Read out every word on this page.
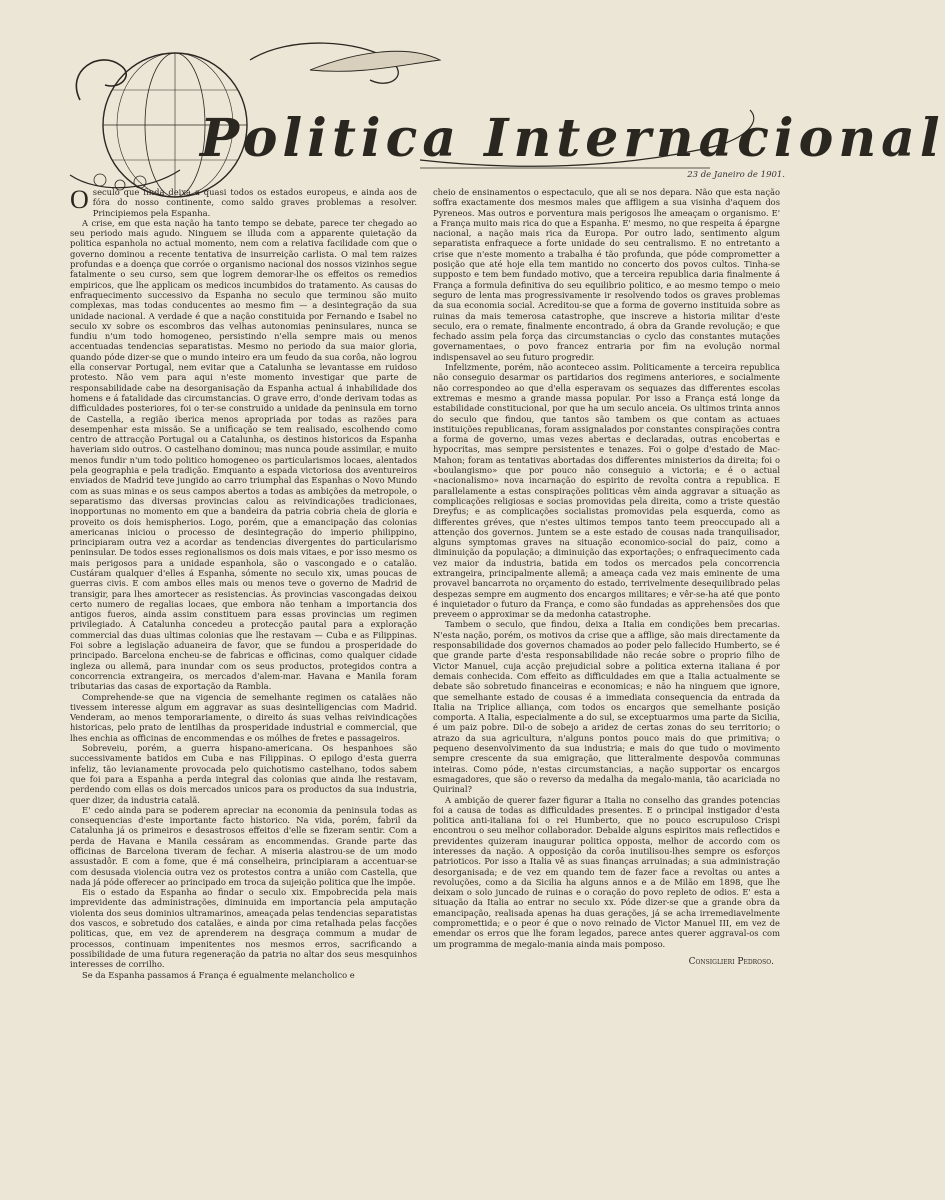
Politica Internacional
23 de Janeiro de 1901.

O seculo que finda deixa a quasi todos os estados europeus, e ainda aos de fóra do nosso continente, como saldo graves problemas a resolver. Principiemos pela Espanha.

A crise, em que esta nação ha tanto tempo se debate, parece ter chegado ao seu periodo mais agudo. Ninguem se illuda com a apparente quietação da politica espanhola no actual momento, nem com a relativa facilidade com que o governo dominou a recente tentativa de insurreição carlista. O mal tem raizes profundas e a doença que corróe o organismo nacional dos nossos vizinhos segue fatalmente o seu curso, sem que logrem demorar-lhe os effeitos os remedios empiricos, que lhe applicam os medicos incumbidos do tratamento. As causas do enfraquecimento successivo da Espanha no seculo que terminou são muito complexas, mas todas conducentes ao mesmo fim — a desintegração da sua unidade nacional. A verdade é que a nação constituida por Fernando e Isabel no seculo xv sobre os escombros das velhas autonomias peninsulares, nunca se fundiu n'um todo homogeneo, persistindo n'ella sempre mais ou menos accentuadas tendencias separatistas. Mesmo no periodo da sua maior gloria, quando póde dizer-se que o mundo inteiro era um feudo da sua corôa, não logrou ella conservar Portugal, nem evitar que a Catalunha se levantasse em ruidoso protesto. Não vem para aqui n'este momento investigar que parte de responsabilidade cabe na desorganisação da Espanha actual á inhabilidade dos homens e á fatalidade das circumstancias. O grave erro, d'onde derivam todas as difficuldades posteriores, foi o ter-se construido a unidade da peninsula em torno de Castella, a região iberica menos apropriada por todas as razões para desempenhar esta missão. Se a unificação se tem realisado, escolhendo como centro de attracção Portugal ou a Catalunha, os destinos historicos da Espanha haveriam sido outros. O castelhano dominou; mas nunca poude assimilar, e muito menos fundir n'um todo politico homogeneo os particularismos locaes, alentados pela geographia e pela tradição. Emquanto a espada victoriosa dos aventureiros enviados de Madrid teve jungido ao carro triumphal das Espanhas o Novo Mundo com as suas minas e os seus campos abertos a todas as ambições da metropole, o separatismo das diversas provincias calou as reivindicações tradicionaes, inopportunas no momento em que a bandeira da patria cobria cheia de gloria e proveito os dois hemispherios. Logo, porém, que a emancipação das colonias americanas iniciou o processo de desintegração do imperio philippino, principiaram outra vez a acordar as tendencias divergentes do particularismo peninsular. De todos esses regionalismos os dois mais vitaes, e por isso mesmo os mais perigosos para a unidade espanhola, são o vascongado e o catalão. Custáram qualquer d'elles á Espanha, sómente no seculo xix, umas poucas de guerras civis. E com ambos elles mais ou menos teve o governo de Madrid de transigir, para lhes amortecer as resistencias. Ás provincias vascongadas deixou certo numero de regalias locaes, que embora não tenham a importancia dos antigos fueros, ainda assim constituem para essas provincias um regimen privilegiado. Á Catalunha concedeu a protecção pautal para a exploração commercial das duas ultimas colonias que lhe restavam — Cuba e as Filippinas. Foi sobre a legislação aduaneira de favor, que se fundou a prosperidade do principado. Barcelona encheu-se de fabricas e officinas, como qualquer cidade ingleza ou allemã, para inundar com os seus productos, protegidos contra a concorrencia extrangeira, os mercados d'alem-mar. Havana e Manila foram tributarias das casas de exportação da Rambla.

Comprehende-se que na vigencia de semelhante regimen os catalães não tivessem interesse algum em aggravar as suas desintelligencias com Madrid. Venderam, ao menos temporariamente, o direito ás suas velhas reivindicações historicas, pelo prato de lentilhas da prosperidade industrial e commercial, que lhes enchia as officinas de encommendas e os mólhes de fretes e passageiros.

Sobreveiu, porém, a guerra hispano-americana. Os hespanhoes são successivamente batidos em Cuba e nas Filippinas. O epilogo d'esta guerra infeliz, tão levianamente provocada pelo quichotismo castelhano, todos sabem que foi para a Espanha a perda integral das colonias que ainda lhe restavam, perdendo com ellas os dois mercados unicos para os productos da sua industria, quer dizer, da industria catalã.

E' cedo ainda para se poderem apreciar na economia da peninsula todas as consequencias d'este importante facto historico. Na vida, porém, fabril da Catalunha já os primeiros e desastrosos effeitos d'elle se fizeram sentir. Com a perda de Havana e Manila cessáram as encommendas. Grande parte das officinas de Barcelona tiveram de fechar. A miseria alastrou-se de um modo assustadôr. E com a fome, que é má conselheira, principiaram a accentuar-se com desusada violencia outra vez os protestos contra a união com Castella, que nada já póde offerecer ao principado em troca da sujeição politica que lhe impõe.

Eis o estado da Espanha ao findar o seculo xix. Empobrecida pela mais imprevidente das administrações, diminuida em importancia pela amputação violenta dos seus dominios ultramarinos, ameaçada pelas tendencias separatistas dos vascos, e sobretudo dos catalães, e ainda por cima retalhada pelas facções politicas, que, em vez de aprenderem na desgraça commum a mudar de processos, continuam impenitentes nos mesmos erros, sacrificando a possibilidade de uma futura regeneração da patria no altar dos seus mesquinhos interesses de corrilho.

Se da Espanha passamos á França é egualmente melancholico e

cheio de ensinamentos o espectaculo, que ali se nos depara. Não que esta nação soffra exactamente dos mesmos males que affligem a sua visinha d'aquem dos Pyreneos. Mas outros e porventura mais perigosos lhe ameaçam o organismo. E' a França muito mais rica do que a Espanha. E' mesmo, no que respeita á épargne nacional, a nação mais rica da Europa. Por outro lado, sentimento algum separatista enfraquece a forte unidade do seu centralismo. E no entretanto a crise que n'este momento a trabalha é tão profunda, que póde comprometter a posição que até hoje ella tem mantido no concerto dos povos cultos. Tinha-se supposto e tem bem fundado motivo, que a terceira republica daria finalmente á França a formula definitiva do seu equilibrio politico, e ao mesmo tempo o meio seguro de lenta mas progressivamente ir resolvendo todos os graves problemas da sua economia social. Acreditou-se que a forma de governo instituida sobre as ruinas da mais temerosa catastrophe, que inscreve a historia militar d'este seculo, era o remate, finalmente encontrado, á obra da Grande revolução; e que fechado assim pela força das circumstancias o cyclo das constantes mutações governamentaes, o povo francez entraria por fim na evolução normal indispensavel ao seu futuro progredir.

Infelizmente, porém, não aconteceo assim. Politicamente a terceira republica não conseguio desarmar os partidarios dos regimens anteriores, e socialmente não correspondeo ao que d'ella esperavam os sequazes das differentes escolas extremas e mesmo a grande massa popular. Por isso a França está longe da estabilidade constitucional, por que ha um seculo anceia. Os ultimos trinta annos do seculo que findou, que tantos são tambem os que contam as actuaes instituições republicanas, foram assignalados por constantes conspirações contra a forma de governo, umas vezes abertas e declaradas, outras encobertas e hypocritas, mas sempre persistentes e tenazes. Foi o golpe d'estado de Mac-Mahon; foram as tentativas abortadas dos differentes ministerios da direita; foi o «boulangismo» que por pouco não conseguio a victoria; e é o actual «nacionalismo» nova incarnação do espirito de revolta contra a republica. E parallelamente a estas conspirações politicas vêm ainda aggravar a situação as complicações religiosas e socias promovidas pela direita, como a triste questão Dreyfus; e as complicações socialistas promovidas pela esquerda, como as differentes gréves, que n'estes ultimos tempos tanto teem preoccupado ali a attenção dos governos. Juntem se a este estado de cousas nada tranquilisador, alguns symptomas graves na situação economico-social do paiz, como a diminuição da população; a diminuição das exportações; o enfraquecimento cada vez maior da industria, batida em todos os mercados pela concorrencia extrangeira, principalmente allemã; a ameaça cada vez mais eminente de uma provavel bancarrota no orçamento do estado, terrivelmente desequilibrado pelas despezas sempre em augmento dos encargos militares; e vêr-se-ha até que ponto é inquietador o futuro da França, e como são fundadas as apprehensões dos que preveem o approximar se da medonha catastrophe.

Tambem o seculo, que findou, deixa a Italia em condições bem precarias. N'esta nação, porém, os motivos da crise que a afflige, são mais directamente da responsabilidade dos governos chamados ao poder pelo fallecido Humberto, se é que grande parte d'esta responsabilidade não recáe sobre o proprio filho de Victor Manuel, cuja acção prejudicial sobre a politica externa italiana é por demais conhecida. Com effeito as difficuldades em que a Italia actualmente se debate são sobretudo financeiras e economicas; e não ha ninguem que ignore, que semelhante estado de cousas é a immediata consequencia da entrada da Italia na Triplice alliança, com todos os encargos que semelhante posição comporta. A Italia, especialmente a do sul, se exceptuarmos uma parte da Sicilia, é um paiz pobre. Dil-o de sobejo a aridez de certas zonas do seu territorio; o atrazo da sua agricultura, n'alguns pontos pouco mais do que primitiva; o pequeno desenvolvimento da sua industria; e mais do que tudo o movimento sempre crescente da sua emigração, que litteralmente despovôa communas inteiras. Como póde, n'estas circumstancias, a nação supportar os encargos esmagadores, que são o reverso da medalha da megalo-mania, tão acariciada no Quirinal?

A ambição de querer fazer figurar a Italia no conselho das grandes potencias foi a causa de todas as difficuldades presentes. E o principal instigador d'esta politica anti-italiana foi o rei Humberto, que no pouco escrupuloso Crispi encontrou o seu melhor collaborador. Debalde alguns espiritos mais reflectidos e previdentes quizeram inaugurar politica opposta, melhor de accordo com os interesses da nação. A opposição da corôa inutilisou-lhes sempre os esforços patrioticos. Por isso a Italia vê as suas finanças arruinadas; a sua administração desorganisada; e de vez em quando tem de fazer face a revoltas ou antes a revoluções, como a da Sicilia ha alguns annos e a de Milão em 1898, que lhe deixam o solo juncado de ruinas e o coração do povo repleto de odios. E' esta a situação da Italia ao entrar no seculo xx. Póde dizer-se que a grande obra da emancipação, realisada apenas ha duas gerações, já se acha irremediavelmente compromettida; e o peor é que o novo reinado de Victor Manuel III, em vez de emendar os erros que lhe foram legados, parece antes querer aggraval-os com um programma de megalo-mania ainda mais pomposo.

Consiglieri Pedroso.
